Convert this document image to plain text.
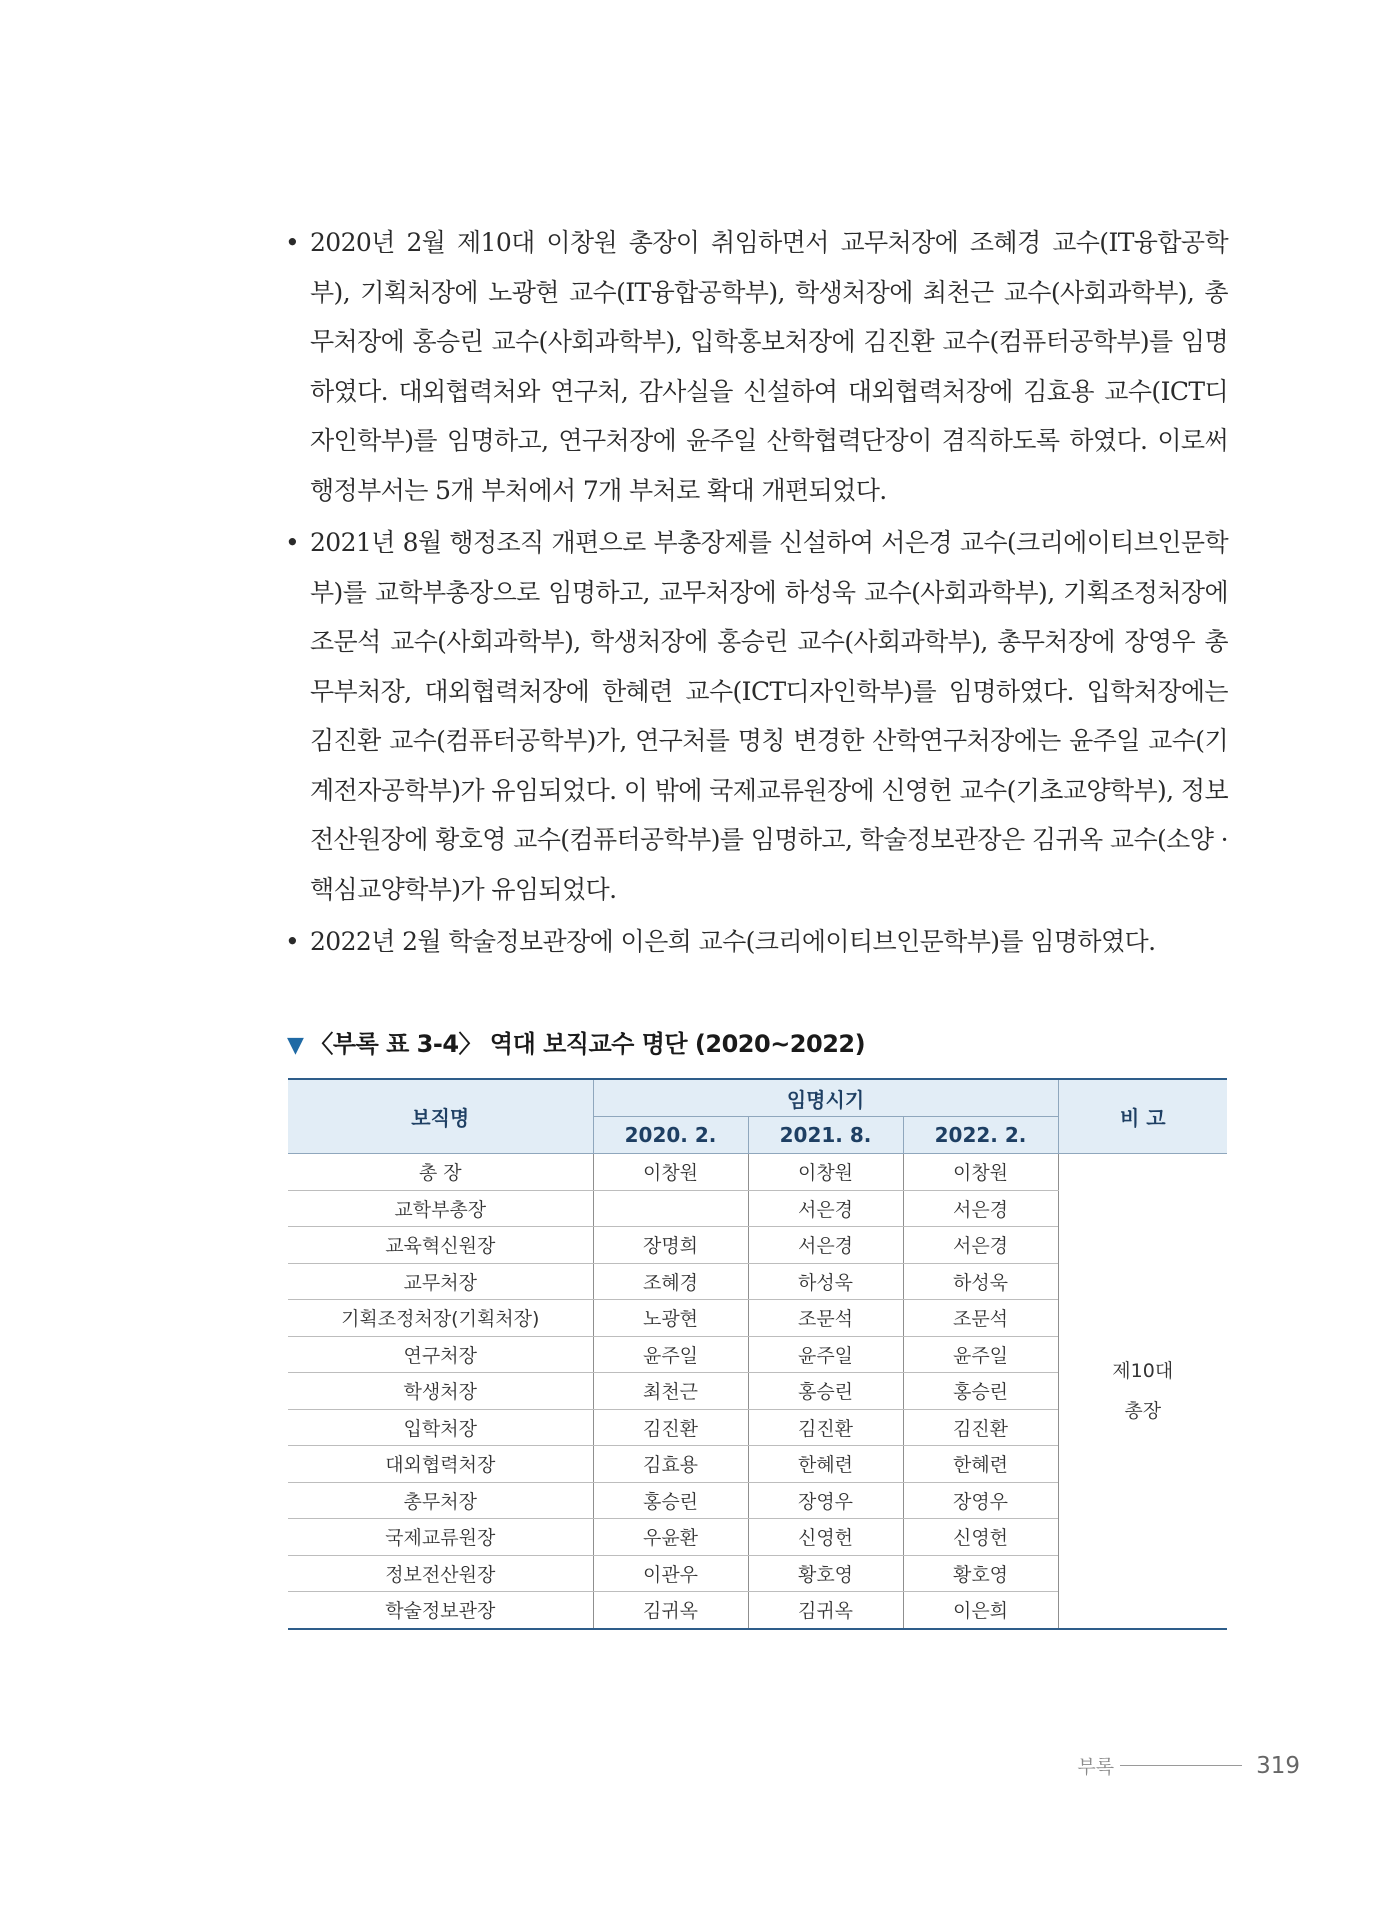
• 2020년 2월 제10대 이창원 총장이 취임하면서 교무처장에 조혜경 교수(IT융합공학부), 기획처장에 노광현 교수(IT융합공학부), 학생처장에 최천근 교수(사회과학부), 총무처장에 홍승린 교수(사회과학부), 입학홍보처장에 김진환 교수(컴퓨터공학부)를 임명하였다. 대외협력처와 연구처, 감사실을 신설하여 대외협력처장에 김효용 교수(ICT디자인학부)를 임명하고, 연구처장에 윤주일 산학협력단장이 겸직하도록 하였다. 이로써 행정부서는 5개 부처에서 7개 부처로 확대 개편되었다.
• 2021년 8월 행정조직 개편으로 부총장제를 신설하여 서은경 교수(크리에이티브인문학부)를 교학부총장으로 임명하고, 교무처장에 하성욱 교수(사회과학부), 기획조정처장에 조문석 교수(사회과학부), 학생처장에 홍승린 교수(사회과학부), 총무처장에 장영우 총무부처장, 대외협력처장에 한혜련 교수(ICT디자인학부)를 임명하였다. 입학처장에는 김진환 교수(컴퓨터공학부)가, 연구처를 명칭 변경한 산학연구처장에는 윤주일 교수(기계전자공학부)가 유임되었다. 이 밖에 국제교류원장에 신영헌 교수(기초교양학부), 정보전산원장에 황호영 교수(컴퓨터공학부)를 임명하고, 학술정보관장은 김귀옥 교수(소양 · 핵심교양학부)가 유임되었다.
• 2022년 2월 학술정보관장에 이은희 교수(크리에이티브인문학부)를 임명하였다.
▼ 〈부록 표 3-4〉 역대 보직교수 명단 (2020~2022)
보직명	임명시기			비 고
	2020. 2.	2021. 8.	2022. 2.	
총 장	이창원	이창원	이창원	제10대
총장

교학부총장		서은경	서은경	
교육혁신원장	장명희	서은경	서은경	
교무처장	조혜경	하성욱	하성욱	
기획조정처장(기획처장)	노광현	조문석	조문석	
연구처장	윤주일	윤주일	윤주일	
학생처장	최천근	홍승린	홍승린	
입학처장	김진환	김진환	김진환	
대외협력처장	김효용	한혜련	한혜련	
총무처장	홍승린	장영우	장영우	
국제교류원장	우윤환	신영헌	신영헌	
정보전산원장	이관우	황호영	황호영	
학술정보관장	김귀옥	김귀옥	이은희	
부록	319
